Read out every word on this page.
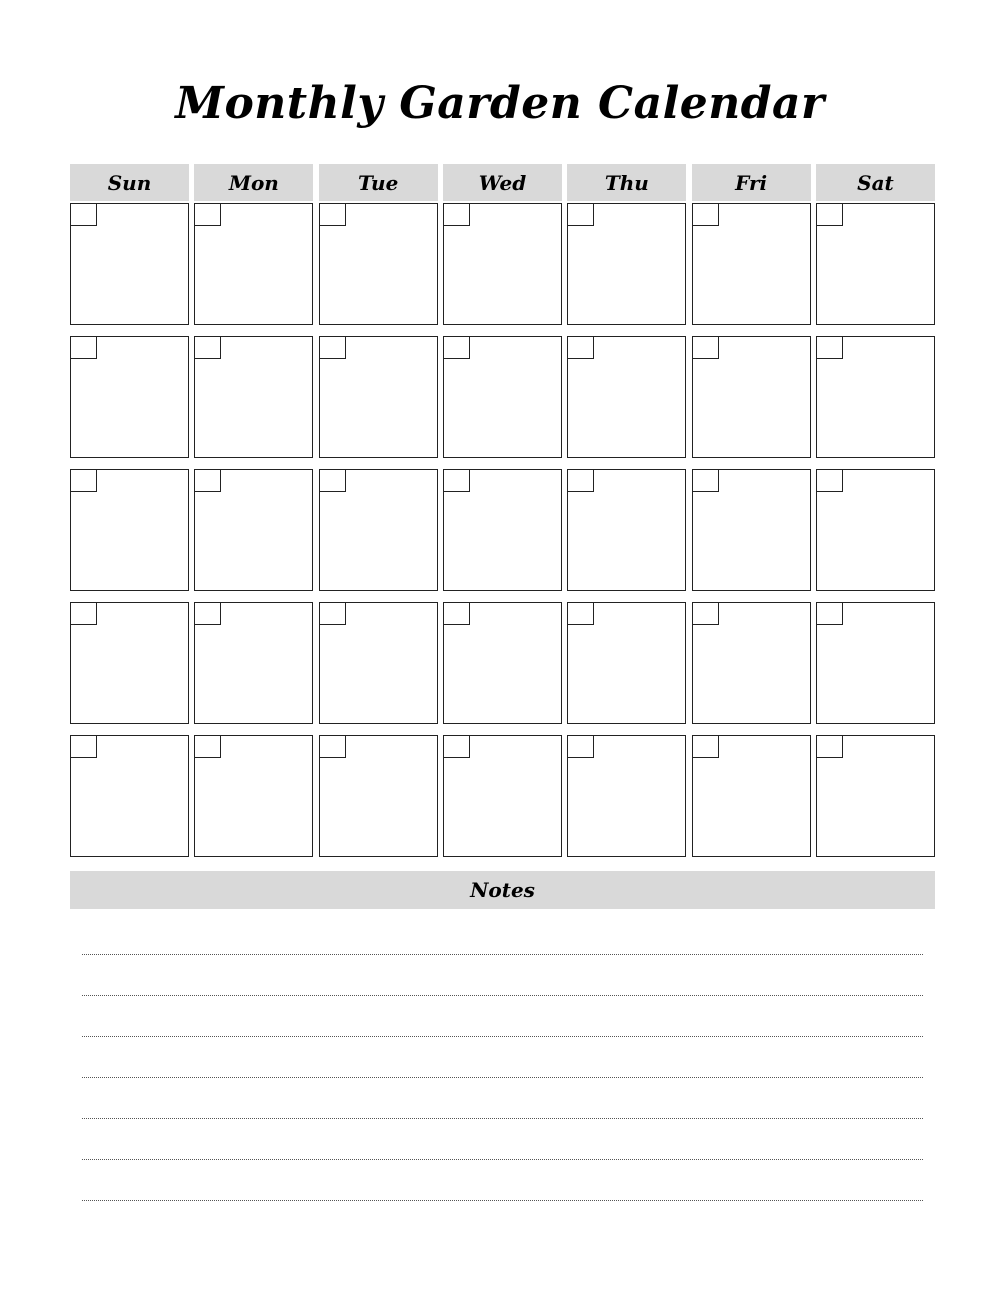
Monthly Garden Calendar
Sun	Mon	Tue	Wed	Thu	Fri	Sat
Notes
